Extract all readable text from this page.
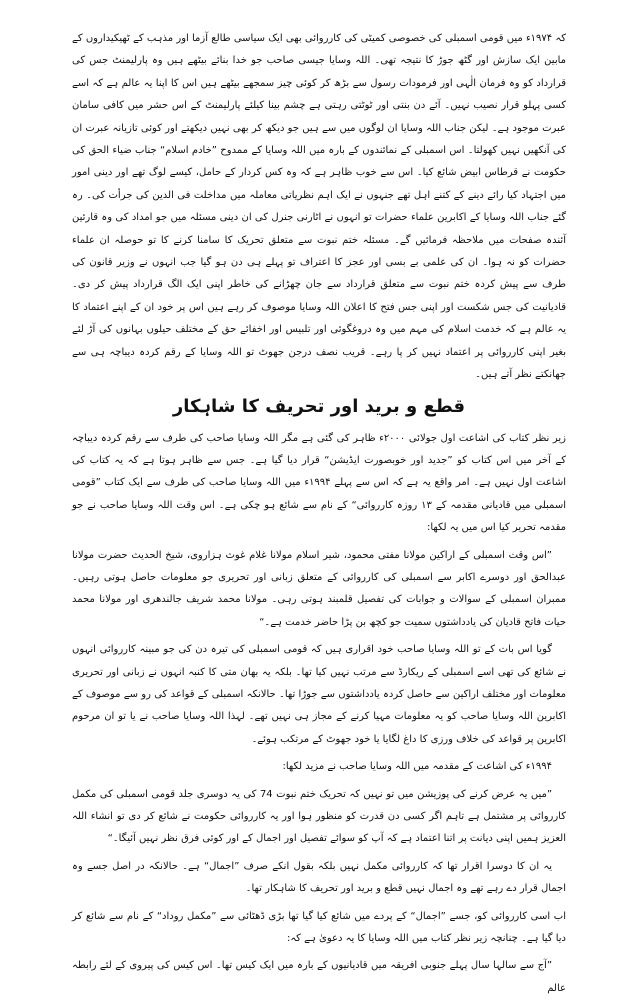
کہ ۱۹۷۴ء میں قومی اسمبلی کی خصوصی کمیٹی کی کارروائی بھی ایک سیاسی طالع آزما اور مذہب کے ٹھیکیداروں کے مابین ایک سازش اور گٹھ جوڑ کا نتیجہ تھی۔ اللہ وسایا جیسی صاحب جو خدا بنائے بیٹھے ہیں وہ پارلیمنٹ جس کی قرارداد کو وہ فرمان الٰہی اور فرمودات رسول سے بڑھ کر کوئی چیز سمجھے بیٹھے ہیں اس کا اپنا یہ عالم ہے کہ اسے کسی پہلو قرار نصیب نہیں۔ آئے دن بنتی اور ٹوٹتی رہتی ہے چشم بینا کیلئے پارلیمنٹ کے اس حشر میں کافی سامان عبرت موجود ہے۔ لیکن جناب اللہ وسایا ان لوگوں میں سے ہیں جو دیکھ کر بھی نہیں دیکھتے اور کوئی تازیانہ عبرت ان کی آنکھیں نہیں کھولتا۔ اس اسمبلی کے نمائندوں کے بارہ میں اللہ وسایا کے ممدوح ”خادم اسلام“ جناب ضیاء الحق کی حکومت نے قرطاس ابیض شائع کیا۔ اس سے خوب ظاہر ہے کہ وہ کس کردار کے حامل، کیسے لوگ تھے اور دینی امور میں اجتہاد کیا رائے دینے کے کتنے اہل تھے جنہوں نے ایک اہم نظریاتی معاملہ میں مداخلت فی الدین کی جرأت کی۔ رہ گئے جناب اللہ وسایا کے اکابرین علماء حضرات تو انہوں نے اٹارنی جنرل کی ان دینی مسئلہ میں جو امداد کی وہ قارئین آئندہ صفحات میں ملاحظہ فرمائیں گے۔ مسئلہ ختم نبوت سے متعلق تحریک کا سامنا کرنے کا تو حوصلہ ان علماء حضرات کو نہ ہوا۔ ان کی علمی بے بسی اور عجز کا اعتراف تو پہلے ہی دن ہو گیا جب انہوں نے وزیر قانون کی طرف سے پیش کردہ ختم نبوت سے متعلق قرارداد سے جان چھڑانے کی خاطر اپنی ایک الگ قرارداد پیش کر دی۔ قادیانیت کی جس شکست اور اپنی جس فتح کا اعلان اللہ وسایا موصوف کر رہے ہیں اس پر خود ان کے اپنے اعتماد کا یہ عالم ہے کہ خدمت اسلام کی مہم میں وہ دروغگوئی اور تلبیس اور اخفائے حق کے مختلف حیلوں بہانوں کی آڑ لئے بغیر اپنی کارروائی پر اعتماد نہیں کر پا رہے۔ قریب نصف درجن جھوٹ تو اللہ وسایا کے رقم کردہ دیباچہ ہی سے جھانکتے نظر آتے ہیں۔

قطع و برید اور تحریف کا شاہکار

زیر نظر کتاب کی اشاعت اول جولائی ۲۰۰۰ء ظاہر کی گئی ہے مگر اللہ وسایا صاحب کی طرف سے رقم کردہ دیباچہ کے آخر میں اس کتاب کو ”جدید اور خوبصورت ایڈیشن“ قرار دیا گیا ہے۔ جس سے ظاہر ہوتا ہے کہ یہ کتاب کی اشاعت اول نہیں ہے۔ امر واقع یہ ہے کہ اس سے پہلے ۱۹۹۴ء میں اللہ وسایا صاحب کی طرف سے ایک کتاب ”قومی اسمبلی میں قادیانی مقدمہ کے ۱۳ روزہ کارروائی“ کے نام سے شائع ہو چکی ہے۔ اس وقت اللہ وسایا صاحب نے جو مقدمہ تحریر کیا اس میں یہ لکھا:

”اس وقت اسمبلی کے اراکین مولانا مفتی محمود، شیر اسلام مولانا غلام غوث ہزاروی، شیخ الحدیث حضرت مولانا عبدالحق اور دوسرے اکابر سے اسمبلی کی کارروائی کے متعلق زبانی اور تحریری جو معلومات حاصل ہوتی رہیں۔ ممبران اسمبلی کے سوالات و جوابات کی تفصیل قلمبند ہوتی رہی۔ مولانا محمد شریف جالندھری اور مولانا محمد حیات فاتح قادیان کی یادداشتوں سمیت جو کچھ بن پڑا حاضر خدمت ہے۔“

گویا اس بات کے تو اللہ وسایا صاحب خود اقراری ہیں کہ قومی اسمبلی کی تیرہ دن کی جو مبینہ کارروائی انہوں نے شائع کی تھی اسے اسمبلی کے ریکارڈ سے مرتب نہیں کیا تھا۔ بلکہ یہ بھان متی کا کنبہ انہوں نے زبانی اور تحریری معلومات اور مختلف اراکین سے حاصل کردہ یادداشتوں سے جوڑا تھا۔ حالانکہ اسمبلی کے قواعد کی رو سے موصوف کے اکابرین اللہ وسایا صاحب کو یہ معلومات مہیا کرنے کے مجاز ہی نہیں تھے۔ لہذا اللہ وسایا صاحب نے یا تو ان مرحوم اکابرین پر قواعد کی خلاف ورزی کا داغ لگایا یا خود جھوٹ کے مرتکب ہوئے۔

۱۹۹۴ء کی اشاعت کے مقدمہ میں اللہ وسایا صاحب نے مزید لکھا:

”میں یہ عرض کرنے کی پوزیشن میں تو نہیں کہ تحریک ختم نبوت 74 کی یہ دوسری جلد قومی اسمبلی کی مکمل کارروائی پر مشتمل ہے تاہم اگر کسی دن قدرت کو منظور ہوا اور یہ کارروائی حکومت نے شائع کر دی تو انشاء اللہ العزیز ہمیں اپنی دیانت پر اتنا اعتماد ہے کہ آپ کو سوائے تفصیل اور اجمال کے اور کوئی فرق نظر نہیں آئیگا۔“

یہ ان کا دوسرا اقرار تھا کہ کارروائی مکمل نہیں بلکہ بقول انکے صرف ”اجمال“ ہے۔ حالانکہ در اصل جسے وہ اجمال قرار دے رہے تھے وہ اجمال نہیں قطع و برید اور تحریف کا شاہکار تھا۔

اب اسی کارروائی کو، جسے ”اجمال“ کے پردے میں شائع کیا گیا تھا بڑی ڈھٹائی سے ”مکمل روداد“ کے نام سے شائع کر دیا گیا ہے۔ چنانچہ زیر نظر کتاب میں اللہ وسایا کا یہ دعویٰ ہے کہ:

”آج سے سالہا سال پہلے جنوبی افریقہ میں قادیانیوں کے بارہ میں ایک کیس تھا۔ اس کیس کی پیروی کے لئے رابطہ عالم
